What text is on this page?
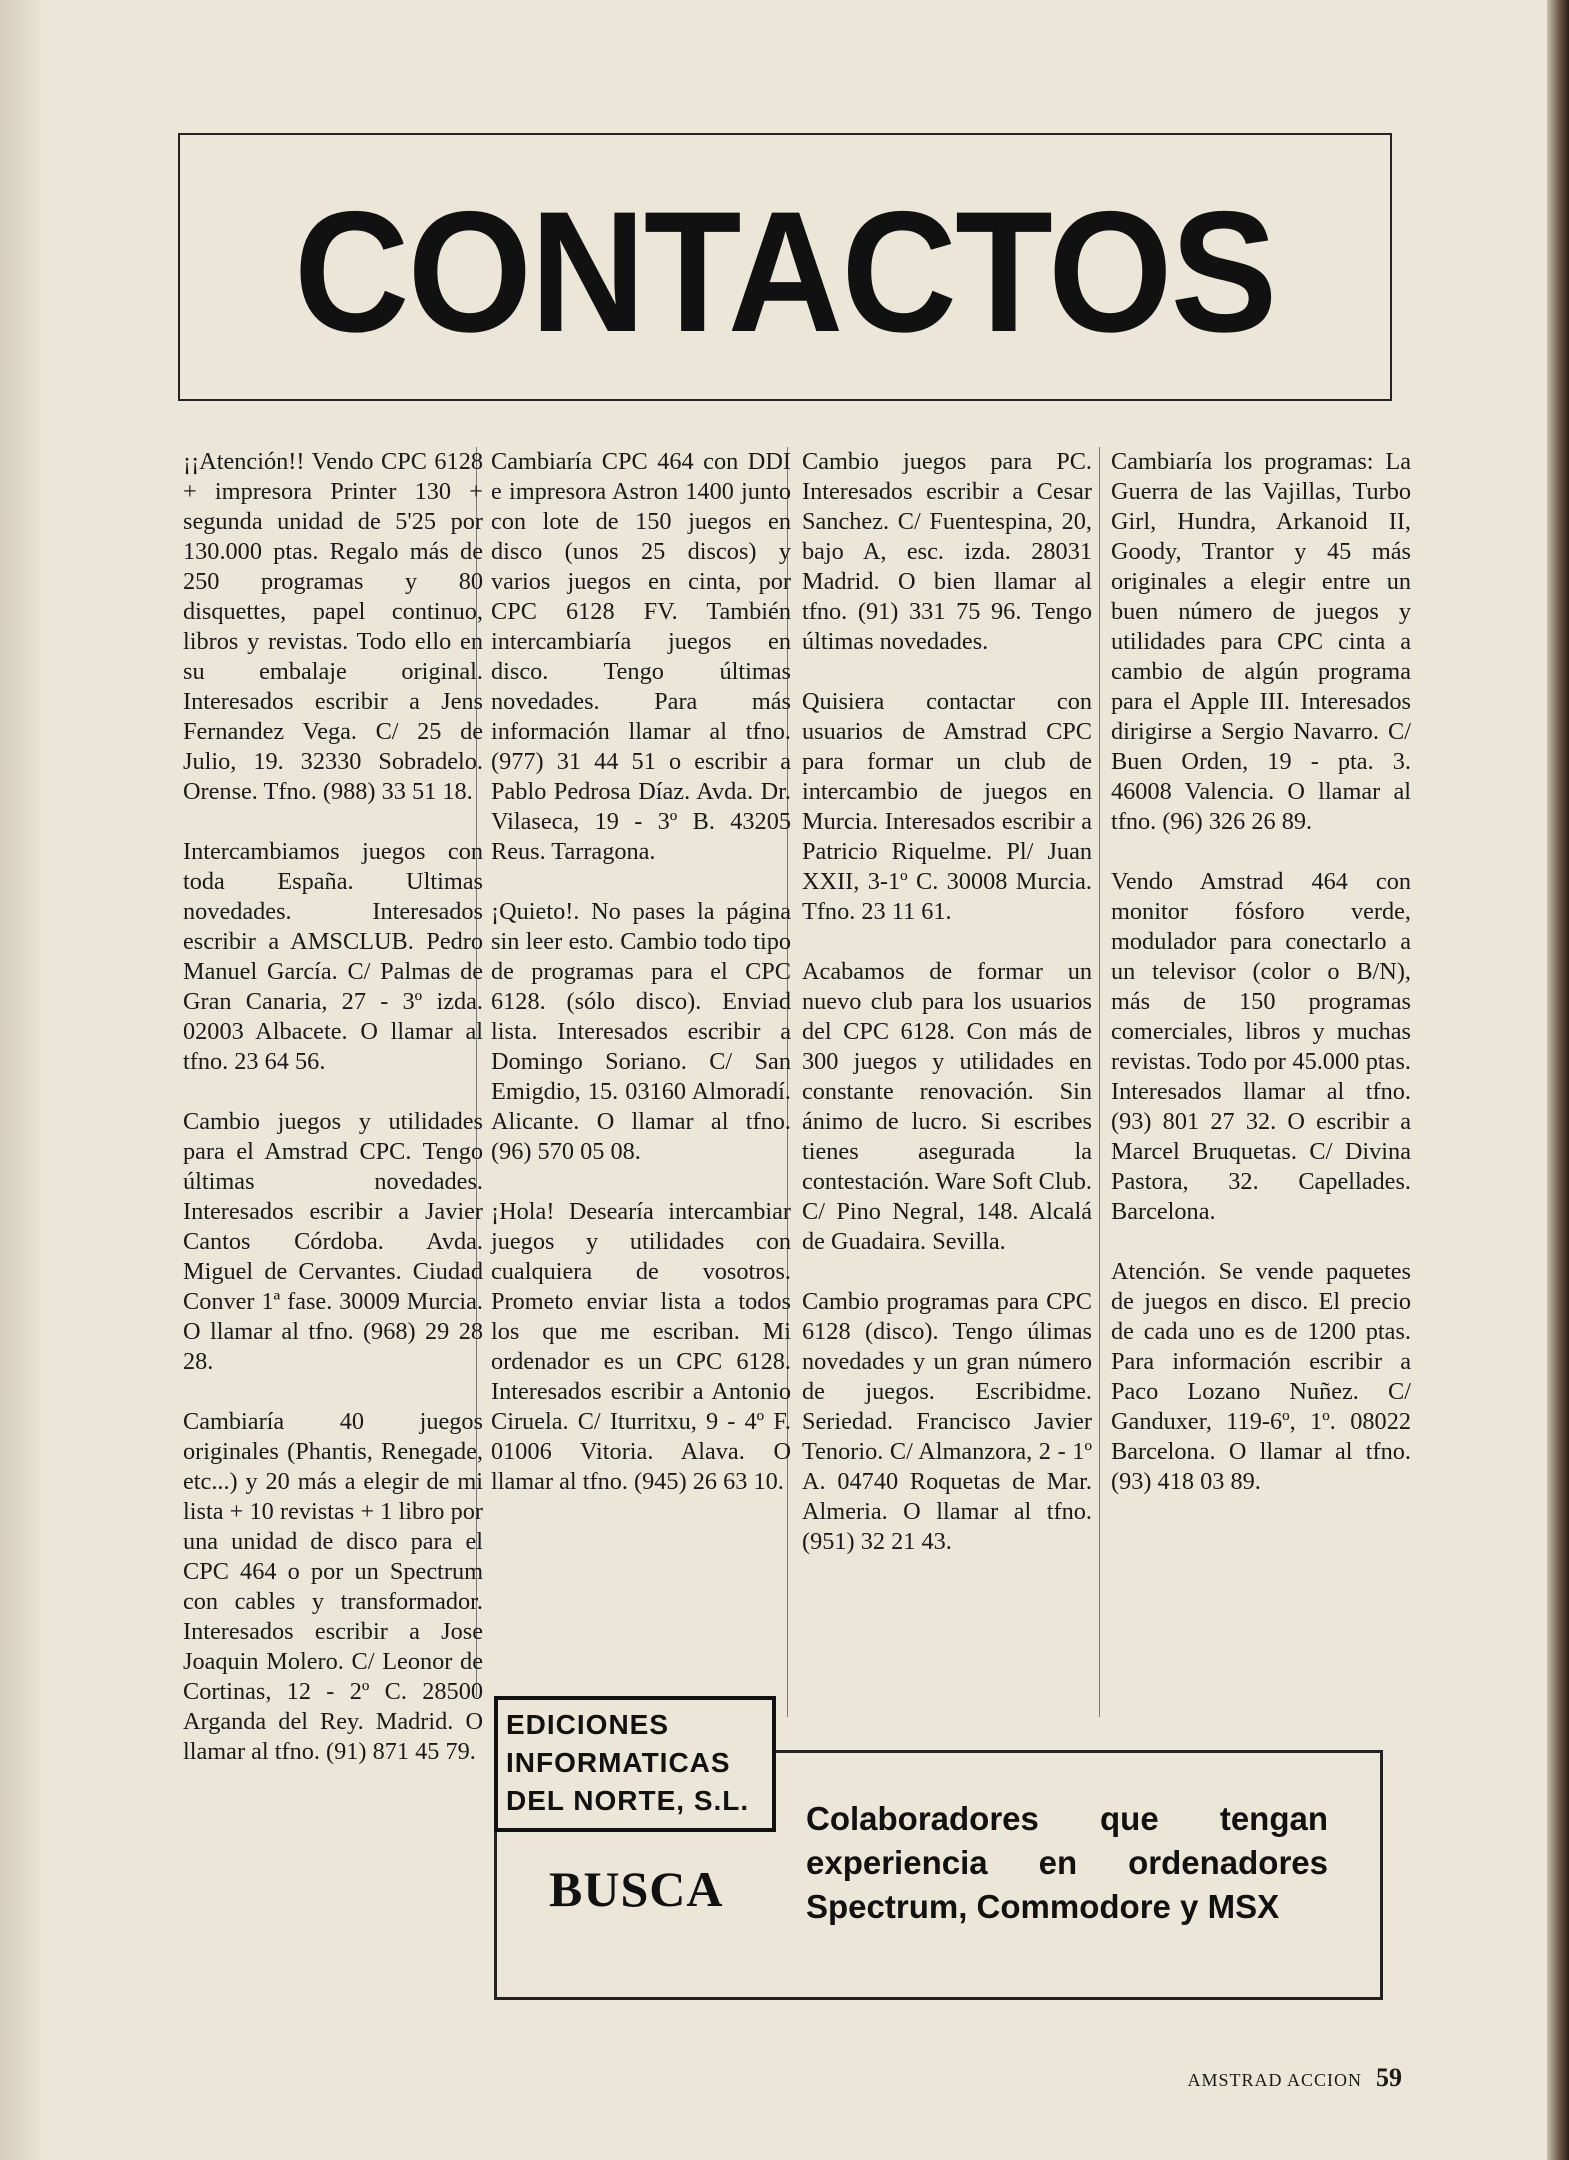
CONTACTOS

¡¡Atención!! Vendo CPC 6128 + impresora Printer 130 + segunda unidad de 5'25 por 130.000 ptas. Regalo más de 250 programas y 80 disquettes, papel continuo, libros y revistas. Todo ello en su embalaje original. Interesados escribir a Jens Fernandez Vega. C/ 25 de Julio, 19. 32330 Sobradelo. Orense. Tfno. (988) 33 51 18.

Intercambiamos juegos con toda España. Ultimas novedades. Interesados escribir a AMSCLUB. Pedro Manuel García. C/ Palmas de Gran Canaria, 27 - 3º izda. 02003 Albacete. O llamar al tfno. 23 64 56.

Cambio juegos y utilidades para el Amstrad CPC. Tengo últimas novedades. Interesados escribir a Javier Cantos Córdoba. Avda. Miguel de Cervantes. Ciudad Conver 1ª fase. 30009 Murcia. O llamar al tfno. (968) 29 28 28.

Cambiaría 40 juegos originales (Phantis, Renegade, etc...) y 20 más a elegir de mi lista + 10 revistas + 1 libro por una unidad de disco para el CPC 464 o por un Spectrum con cables y transformador. Interesados escribir a Jose Joaquin Molero. C/ Leonor de Cortinas, 12 - 2º C. 28500 Arganda del Rey. Madrid. O llamar al tfno. (91) 871 45 79.

Cambiaría CPC 464 con DDI e impresora Astron 1400 junto con lote de 150 juegos en disco (unos 25 discos) y varios juegos en cinta, por CPC 6128 FV. También intercambiaría juegos en disco. Tengo últimas novedades. Para más información llamar al tfno. (977) 31 44 51 o escribir a Pablo Pedrosa Díaz. Avda. Dr. Vilaseca, 19 - 3º B. 43205 Reus. Tarragona.

¡Quieto!. No pases la página sin leer esto. Cambio todo tipo de programas para el CPC 6128. (sólo disco). Enviad lista. Interesados escribir a Domingo Soriano. C/ San Emigdio, 15. 03160 Almoradí. Alicante. O llamar al tfno. (96) 570 05 08.

¡Hola! Desearía intercambiar juegos y utilidades con cualquiera de vosotros. Prometo enviar lista a todos los que me escriban. Mi ordenador es un CPC 6128. Interesados escribir a Antonio Ciruela. C/ Iturritxu, 9 - 4º F. 01006 Vitoria. Alava. O llamar al tfno. (945) 26 63 10.

Cambio juegos para PC. Interesados escribir a Cesar Sanchez. C/ Fuentespina, 20, bajo A, esc. izda. 28031 Madrid. O bien llamar al tfno. (91) 331 75 96. Tengo últimas novedades.

Quisiera contactar con usuarios de Amstrad CPC para formar un club de intercambio de juegos en Murcia. Interesados escribir a Patricio Riquelme. Pl/ Juan XXII, 3-1º C. 30008 Murcia. Tfno. 23 11 61.

Acabamos de formar un nuevo club para los usuarios del CPC 6128. Con más de 300 juegos y utilidades en constante renovación. Sin ánimo de lucro. Si escribes tienes asegurada la contestación. Ware Soft Club. C/ Pino Negral, 148. Alcalá de Guadaira. Sevilla.

Cambio programas para CPC 6128 (disco). Tengo úlimas novedades y un gran número de juegos. Escribidme. Seriedad. Francisco Javier Tenorio. C/ Almanzora, 2 - 1º A. 04740 Roquetas de Mar. Almeria. O llamar al tfno. (951) 32 21 43.

Cambiaría los programas: La Guerra de las Vajillas, Turbo Girl, Hundra, Arkanoid II, Goody, Trantor y 45 más originales a elegir entre un buen número de juegos y utilidades para CPC cinta a cambio de algún programa para el Apple III. Interesados dirigirse a Sergio Navarro. C/ Buen Orden, 19 - pta. 3. 46008 Valencia. O llamar al tfno. (96) 326 26 89.

Vendo Amstrad 464 con monitor fósforo verde, modulador para conectarlo a un televisor (color o B/N), más de 150 programas comerciales, libros y muchas revistas. Todo por 45.000 ptas. Interesados llamar al tfno. (93) 801 27 32. O escribir a Marcel Bruquetas. C/ Divina Pastora, 32. Capellades. Barcelona.

Atención. Se vende paquetes de juegos en disco. El precio de cada uno es de 1200 ptas. Para información escribir a Paco Lozano Nuñez. C/ Ganduxer, 119-6º, 1º. 08022 Barcelona. O llamar al tfno. (93) 418 03 89.

EDICIONES
INFORMATICAS
DEL NORTE, S.L.
BUSCA
Colaboradores que tengan experiencia en ordenadores Spectrum, Commodore y MSX
AMSTRAD ACCION 59
